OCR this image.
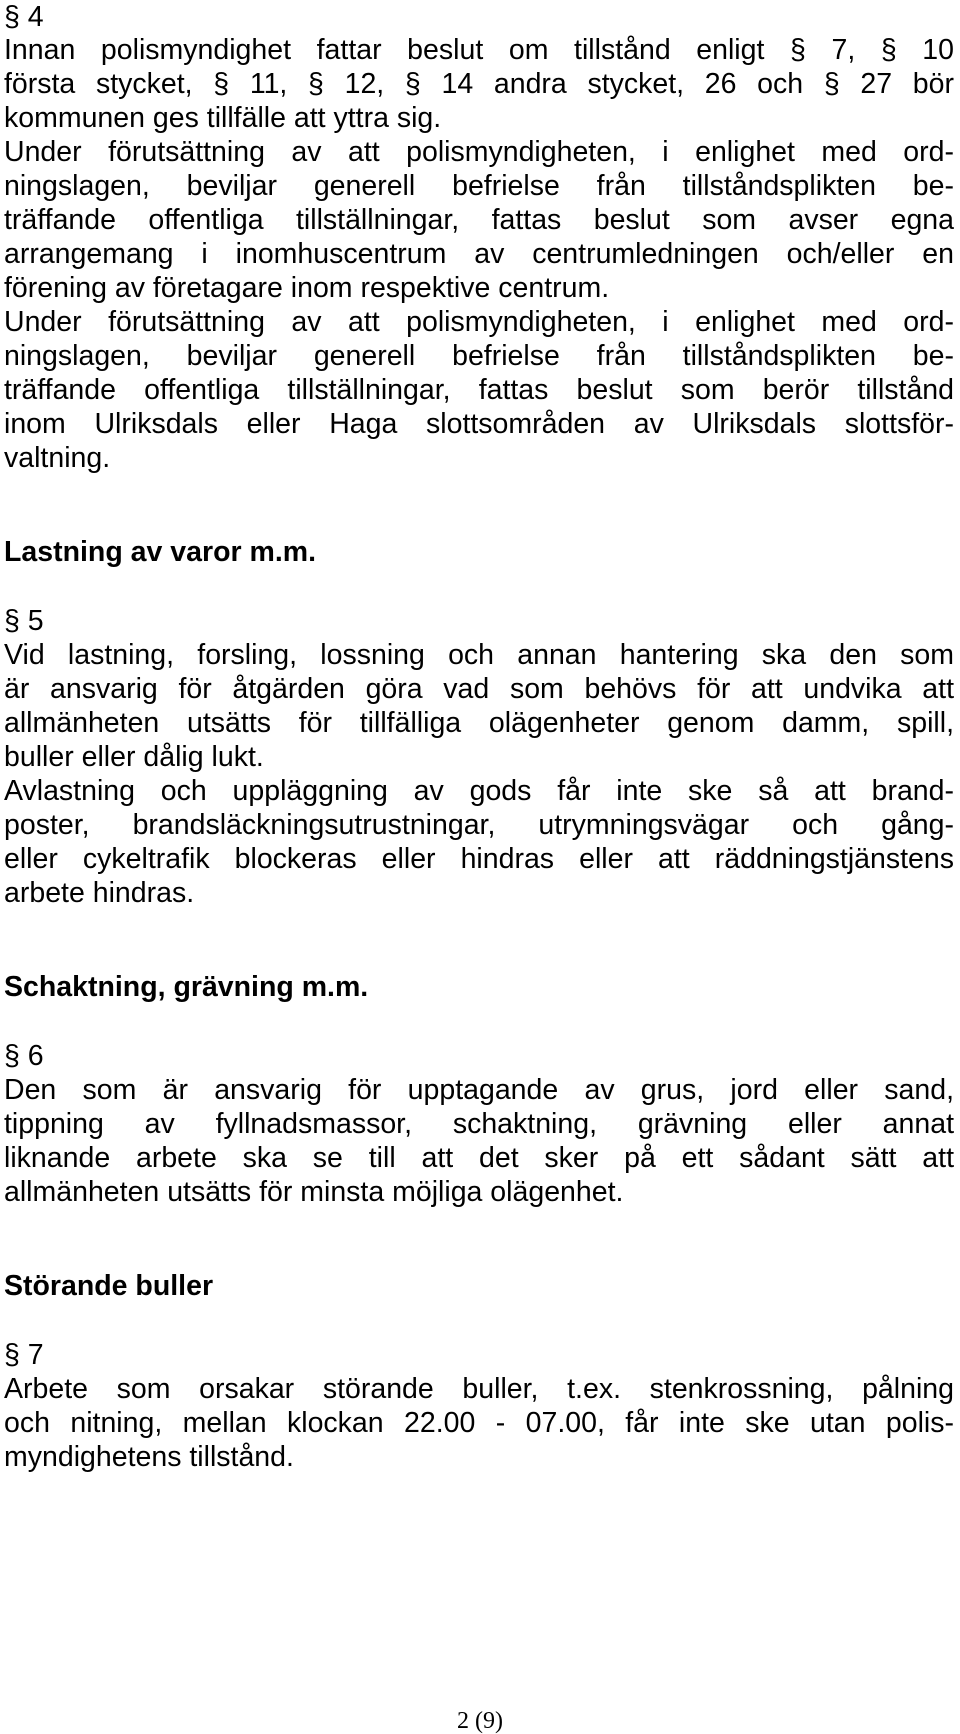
§ 4
Innan polismyndighet fattar beslut om tillstånd enligt § 7, § 10
första stycket, § 11, § 12, § 14 andra stycket, 26 och § 27 bör
kommunen ges tillfälle att yttra sig.
Under förutsättning av att polismyndigheten, i enlighet med ord-
ningslagen, beviljar generell befrielse från tillståndsplikten be-
träffande offentliga tillställningar, fattas beslut som avser egna
arrangemang i inomhuscentrum av centrumledningen och/eller en
förening av företagare inom respektive centrum.
Under förutsättning av att polismyndigheten, i enlighet med ord-
ningslagen, beviljar generell befrielse från tillståndsplikten be-
träffande offentliga tillställningar, fattas beslut som berör tillstånd
inom Ulriksdals eller Haga slottsområden av Ulriksdals slottsför-
valtning.
Lastning av varor m.m.
§ 5
Vid lastning, forsling, lossning och annan hantering ska den som
är ansvarig för åtgärden göra vad som behövs för att undvika att
allmänheten utsätts för tillfälliga olägenheter genom damm, spill,
buller eller dålig lukt.
Avlastning och uppläggning av gods får inte ske så att brand-
poster, brandsläckningsutrustningar, utrymningsvägar och gång-
eller cykeltrafik blockeras eller hindras eller att räddningstjänstens
arbete hindras.
Schaktning, grävning m.m.
§ 6
Den som är ansvarig för upptagande av grus, jord eller sand,
tippning av fyllnadsmassor, schaktning, grävning eller annat
liknande arbete ska se till att det sker på ett sådant sätt att
allmänheten utsätts för minsta möjliga olägenhet.
Störande buller
§ 7
Arbete som orsakar störande buller, t.ex. stenkrossning, pålning
och nitning, mellan klockan 22.00 - 07.00, får inte ske utan polis-
myndighetens tillstånd.
2 (9)
